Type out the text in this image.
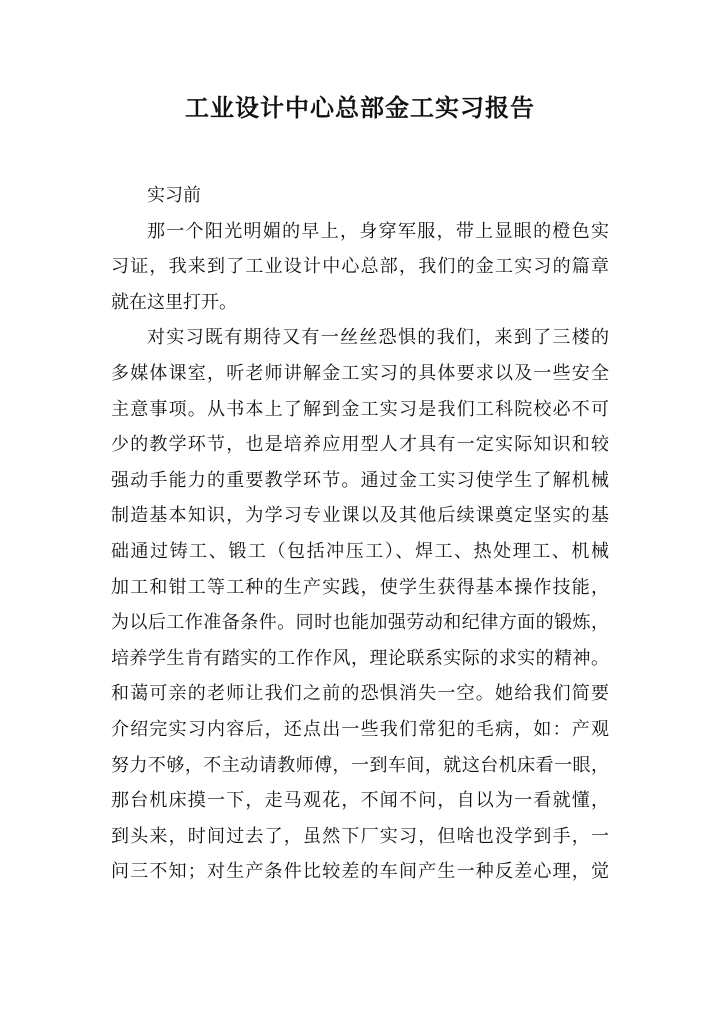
工业设计中心总部金工实习报告
实习前
那一个阳光明媚的早上，身穿军服，带上显眼的橙色实
习证，我来到了工业设计中心总部，我们的金工实习的篇章
就在这里打开。
对实习既有期待又有一丝丝恐惧的我们，来到了三楼的
多媒体课室，听老师讲解金工实习的具体要求以及一些安全
主意事项。从书本上了解到金工实习是我们工科院校必不可
少的教学环节，也是培养应用型人才具有一定实际知识和较
强动手能力的重要教学环节。通过金工实习使学生了解机械
制造基本知识，为学习专业课以及其他后续课奠定坚实的基
础通过铸工、锻工（包括冲压工）、焊工、热处理工、机械
加工和钳工等工种的生产实践，使学生获得基本操作技能，
为以后工作准备条件。同时也能加强劳动和纪律方面的锻炼，
培养学生肯有踏实的工作作风，理论联系实际的求实的精神。
和蔼可亲的老师让我们之前的恐惧消失一空。她给我们简要
介绍完实习内容后，还点出一些我们常犯的毛病，如：产观
努力不够，不主动请教师傅，一到车间，就这台机床看一眼，
那台机床摸一下，走马观花，不闻不问，自以为一看就懂，
到头来，时间过去了，虽然下厂实习，但啥也没学到手，一
问三不知；对生产条件比较差的车间产生一种反差心理，觉
